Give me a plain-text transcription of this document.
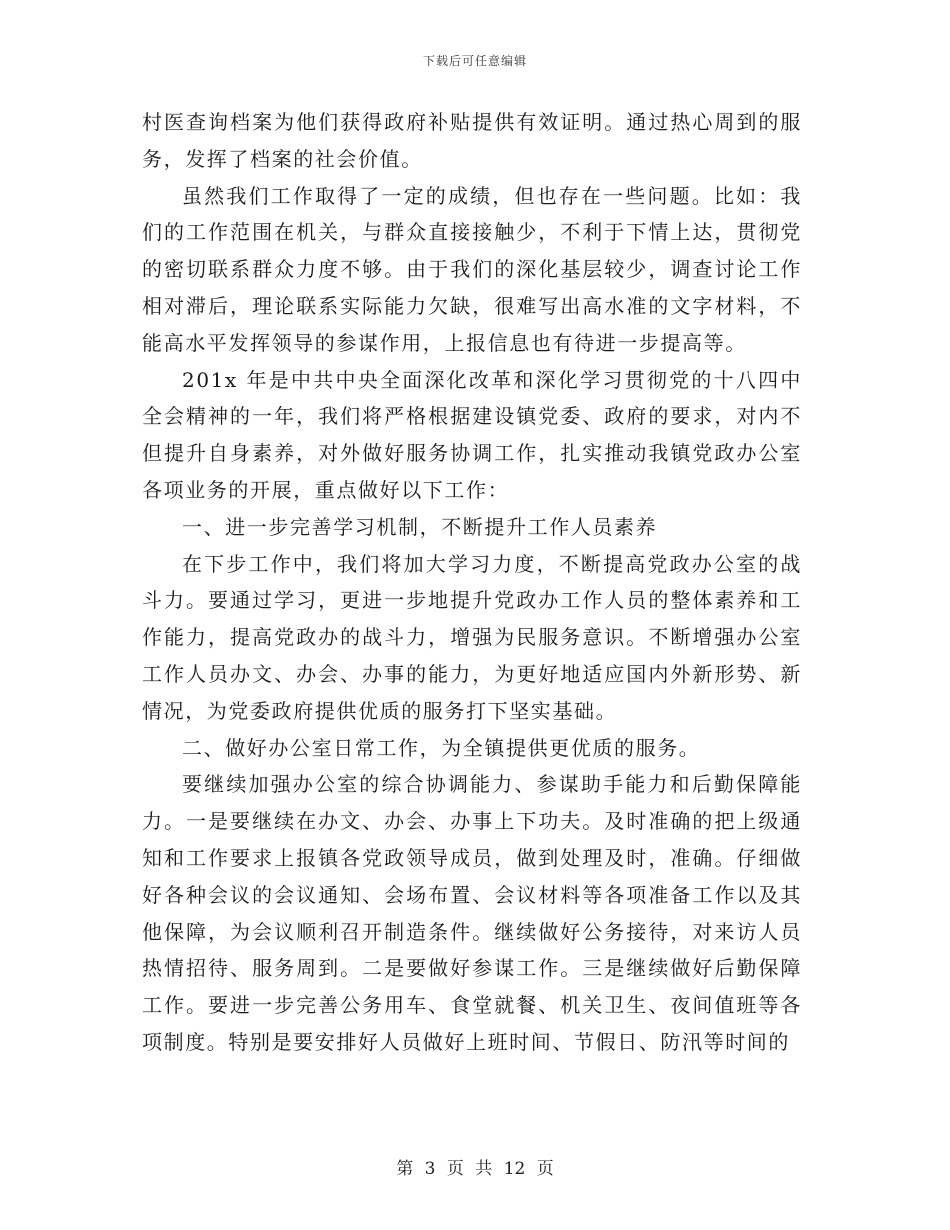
下载后可任意编辑

村医查询档案为他们获得政府补贴提供有效证明。通过热心周到的服务，发挥了档案的社会价值。

虽然我们工作取得了一定的成绩，但也存在一些问题。比如：我们的工作范围在机关，与群众直接接触少，不利于下情上达，贯彻党的密切联系群众力度不够。由于我们的深化基层较少，调查讨论工作相对滞后，理论联系实际能力欠缺，很难写出高水准的文字材料，不能高水平发挥领导的参谋作用，上报信息也有待进一步提高等。

201x 年是中共中央全面深化改革和深化学习贯彻党的十八四中全会精神的一年，我们将严格根据建设镇党委、政府的要求，对内不但提升自身素养，对外做好服务协调工作，扎实推动我镇党政办公室各项业务的开展，重点做好以下工作：

一、进一步完善学习机制，不断提升工作人员素养

在下步工作中，我们将加大学习力度，不断提高党政办公室的战斗力。要通过学习，更进一步地提升党政办工作人员的整体素养和工作能力，提高党政办的战斗力，增强为民服务意识。不断增强办公室工作人员办文、办会、办事的能力，为更好地适应国内外新形势、新情况，为党委政府提供优质的服务打下坚实基础。

二、做好办公室日常工作，为全镇提供更优质的服务。

要继续加强办公室的综合协调能力、参谋助手能力和后勤保障能力。一是要继续在办文、办会、办事上下功夫。及时准确的把上级通知和工作要求上报镇各党政领导成员，做到处理及时，准确。仔细做好各种会议的会议通知、会场布置、会议材料等各项准备工作以及其他保障，为会议顺利召开制造条件。继续做好公务接待，对来访人员热情招待、服务周到。二是要做好参谋工作。三是继续做好后勤保障工作。要进一步完善公务用车、食堂就餐、机关卫生、夜间值班等各项制度。特别是要安排好人员做好上班时间、节假日、防汛等时间的

第 3 页 共 12 页
